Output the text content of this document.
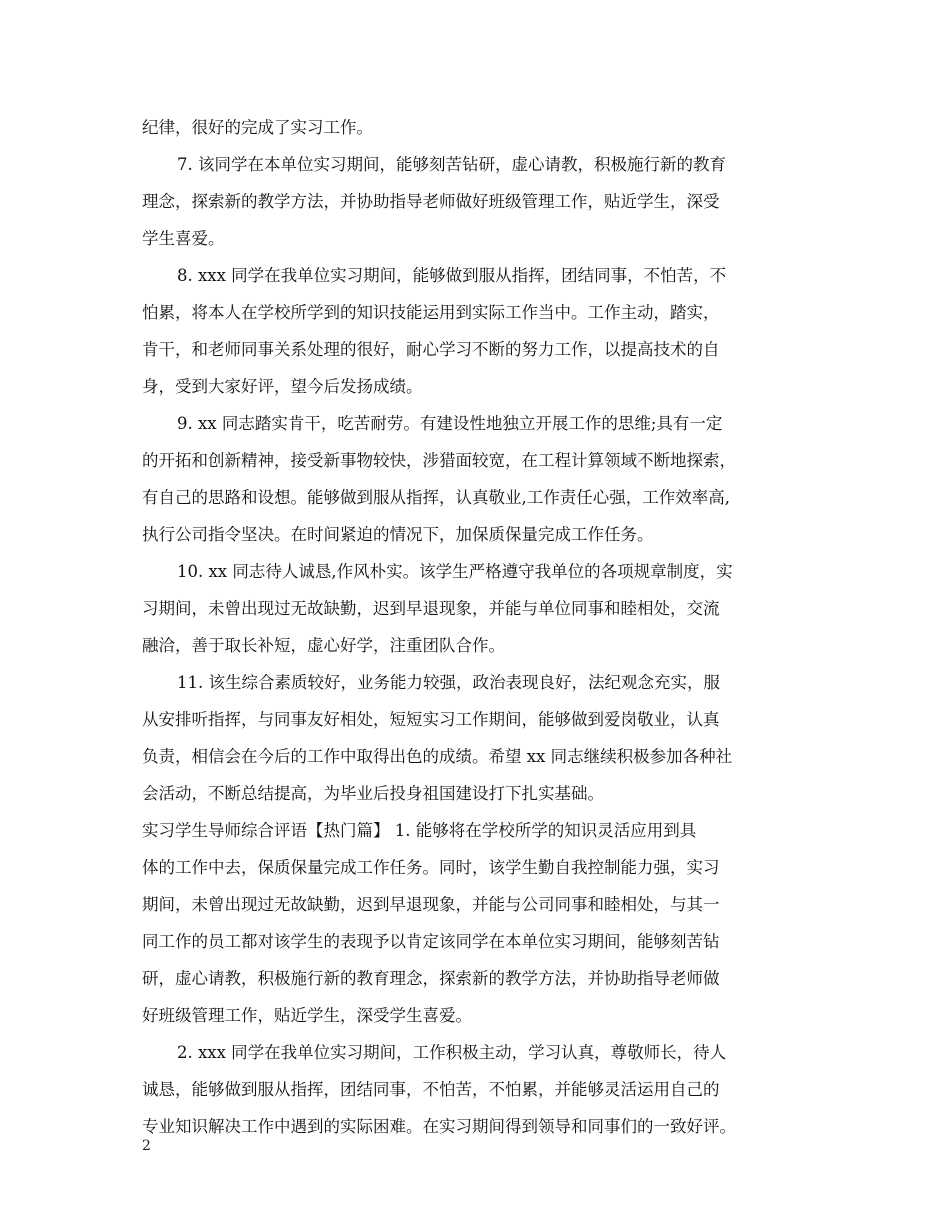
纪律，很好的完成了实习工作。
7. 该同学在本单位实习期间，能够刻苦钻研，虚心请教，积极施行新的教育
理念，探索新的教学方法，并协助指导老师做好班级管理工作，贴近学生，深受
学生喜爱。
8. xxx 同学在我单位实习期间，能够做到服从指挥，团结同事，不怕苦，不
怕累，将本人在学校所学到的知识技能运用到实际工作当中。工作主动，踏实，
肯干，和老师同事关系处理的很好，耐心学习不断的努力工作，以提高技术的自
身，受到大家好评，望今后发扬成绩。
9. xx 同志踏实肯干，吃苦耐劳。有建设性地独立开展工作的思维;具有一定
的开拓和创新精神，接受新事物较快，涉猎面较宽，在工程计算领域不断地探索，
有自己的思路和设想。能够做到服从指挥，认真敬业,工作责任心强，工作效率高,
执行公司指令坚决。在时间紧迫的情况下，加保质保量完成工作任务。
10. xx 同志待人诚恳,作风朴实。该学生严格遵守我单位的各项规章制度，实
习期间，未曾出现过无故缺勤，迟到早退现象，并能与单位同事和睦相处，交流
融洽，善于取长补短，虚心好学，注重团队合作。
11. 该生综合素质较好，业务能力较强，政治表现良好，法纪观念充实，服
从安排听指挥，与同事友好相处，短短实习工作期间，能够做到爱岗敬业，认真
负责，相信会在今后的工作中取得出色的成绩。希望 xx 同志继续积极参加各种社
会活动，不断总结提高，为毕业后投身祖国建设打下扎实基础。
实习学生导师综合评语【热门篇】 1. 能够将在学校所学的知识灵活应用到具
体的工作中去，保质保量完成工作任务。同时，该学生勤自我控制能力强，实习
期间，未曾出现过无故缺勤，迟到早退现象，并能与公司同事和睦相处，与其一
同工作的员工都对该学生的表现予以肯定该同学在本单位实习期间，能够刻苦钻
研，虚心请教，积极施行新的教育理念，探索新的教学方法，并协助指导老师做
好班级管理工作，贴近学生，深受学生喜爱。
2. xxx 同学在我单位实习期间，工作积极主动，学习认真，尊敬师长，待人
诚恳，能够做到服从指挥，团结同事，不怕苦，不怕累，并能够灵活运用自己的
专业知识解决工作中遇到的实际困难。在实习期间得到领导和同事们的一致好评。
2
